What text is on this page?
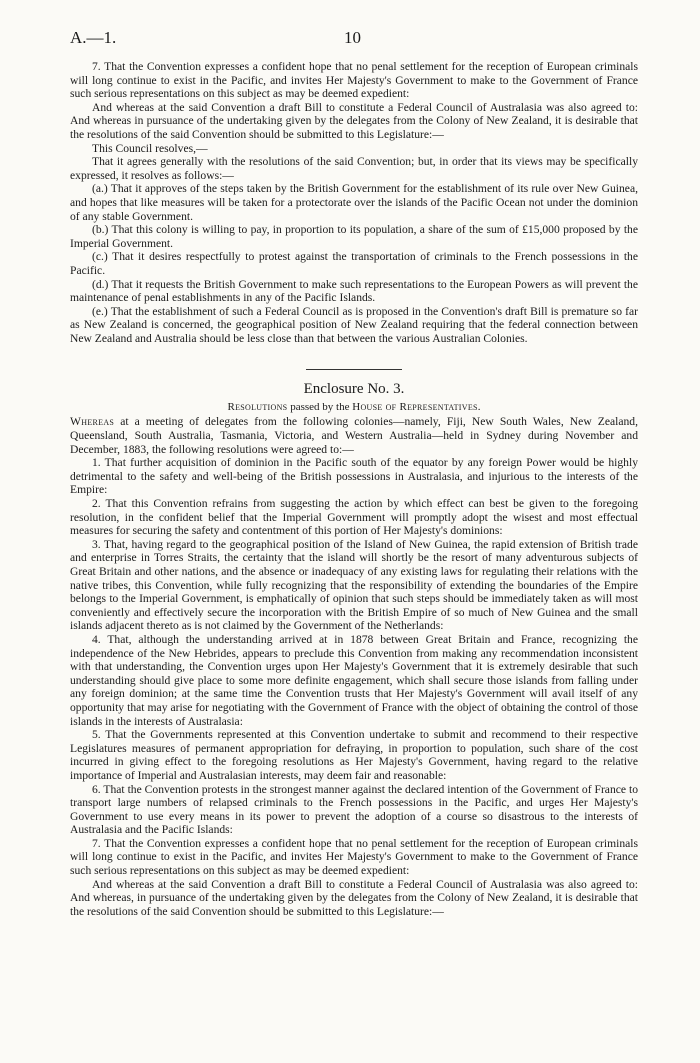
A.—1.	10

7. That the Convention expresses a confident hope that no penal settlement for the reception of European criminals will long continue to exist in the Pacific, and invites Her Majesty's Government to make to the Government of France such serious representations on this subject as may be deemed expedient:

And whereas at the said Convention a draft Bill to constitute a Federal Council of Australasia was also agreed to: And whereas in pursuance of the undertaking given by the delegates from the Colony of New Zealand, it is desirable that the resolutions of the said Convention should be submitted to this Legislature:—

This Council resolves,—

That it agrees generally with the resolutions of the said Convention; but, in order that its views may be specifically expressed, it resolves as follows:—

(a.) That it approves of the steps taken by the British Government for the establishment of its rule over New Guinea, and hopes that like measures will be taken for a protectorate over the islands of the Pacific Ocean not under the dominion of any stable Government.

(b.) That this colony is willing to pay, in proportion to its population, a share of the sum of £15,000 proposed by the Imperial Government.

(c.) That it desires respectfully to protest against the transportation of criminals to the French possessions in the Pacific.

(d.) That it requests the British Government to make such representations to the European Powers as will prevent the maintenance of penal establishments in any of the Pacific Islands.

(e.) That the establishment of such a Federal Council as is proposed in the Convention's draft Bill is premature so far as New Zealand is concerned, the geographical position of New Zealand requiring that the federal connection between New Zealand and Australia should be less close than that between the various Australian Colonies.

Enclosure No. 3.
Resolutions passed by the House of Representatives.

Whereas at a meeting of delegates from the following colonies—namely, Fiji, New South Wales, New Zealand, Queensland, South Australia, Tasmania, Victoria, and Western Australia—held in Sydney during November and December, 1883, the following resolutions were agreed to:—

1. That further acquisition of dominion in the Pacific south of the equator by any foreign Power would be highly detrimental to the safety and well-being of the British possessions in Australasia, and injurious to the interests of the Empire:

2. That this Convention refrains from suggesting the action by which effect can best be given to the foregoing resolution, in the confident belief that the Imperial Government will promptly adopt the wisest and most effectual measures for securing the safety and contentment of this portion of Her Majesty's dominions:

3. That, having regard to the geographical position of the Island of New Guinea, the rapid extension of British trade and enterprise in Torres Straits, the certainty that the island will shortly be the resort of many adventurous subjects of Great Britain and other nations, and the absence or inadequacy of any existing laws for regulating their relations with the native tribes, this Convention, while fully recognizing that the responsibility of extending the boundaries of the Empire belongs to the Imperial Government, is emphatically of opinion that such steps should be immediately taken as will most conveniently and effectively secure the incorporation with the British Empire of so much of New Guinea and the small islands adjacent thereto as is not claimed by the Government of the Netherlands:

4. That, although the understanding arrived at in 1878 between Great Britain and France, recognizing the independence of the New Hebrides, appears to preclude this Convention from making any recommendation inconsistent with that understanding, the Convention urges upon Her Majesty's Government that it is extremely desirable that such understanding should give place to some more definite engagement, which shall secure those islands from falling under any foreign dominion; at the same time the Convention trusts that Her Majesty's Government will avail itself of any opportunity that may arise for negotiating with the Government of France with the object of obtaining the control of those islands in the interests of Australasia:

5. That the Governments represented at this Convention undertake to submit and recommend to their respective Legislatures measures of permanent appropriation for defraying, in proportion to population, such share of the cost incurred in giving effect to the foregoing resolutions as Her Majesty's Government, having regard to the relative importance of Imperial and Australasian interests, may deem fair and reasonable:

6. That the Convention protests in the strongest manner against the declared intention of the Government of France to transport large numbers of relapsed criminals to the French possessions in the Pacific, and urges Her Majesty's Government to use every means in its power to prevent the adoption of a course so disastrous to the interests of Australasia and the Pacific Islands:

7. That the Convention expresses a confident hope that no penal settlement for the reception of European criminals will long continue to exist in the Pacific, and invites Her Majesty's Government to make to the Government of France such serious representations on this subject as may be deemed expedient:

And whereas at the said Convention a draft Bill to constitute a Federal Council of Australasia was also agreed to: And whereas, in pursuance of the undertaking given by the delegates from the Colony of New Zealand, it is desirable that the resolutions of the said Convention should be submitted to this Legislature:—
